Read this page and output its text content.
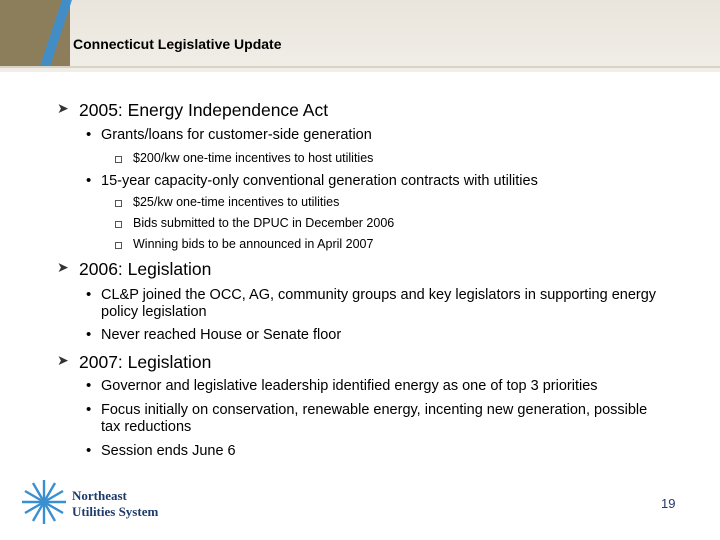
Connecticut Legislative Update
➤ 2005: Energy Independence Act
• Grants/loans for customer-side generation
$200/kw one-time incentives to host utilities
• 15-year capacity-only conventional generation contracts with utilities
$25/kw one-time incentives to utilities
Bids submitted to the DPUC in December 2006
Winning bids to be announced in April 2007
➤ 2006: Legislation
• CL&P joined the OCC, AG, community groups and key legislators in supporting energy policy legislation
• Never reached House or Senate floor
➤ 2007: Legislation
• Governor and legislative leadership identified energy as one of top 3 priorities
• Focus initially on conservation, renewable energy, incenting new generation, possible tax reductions
• Session ends June 6
Northeast
Utilities System
19
